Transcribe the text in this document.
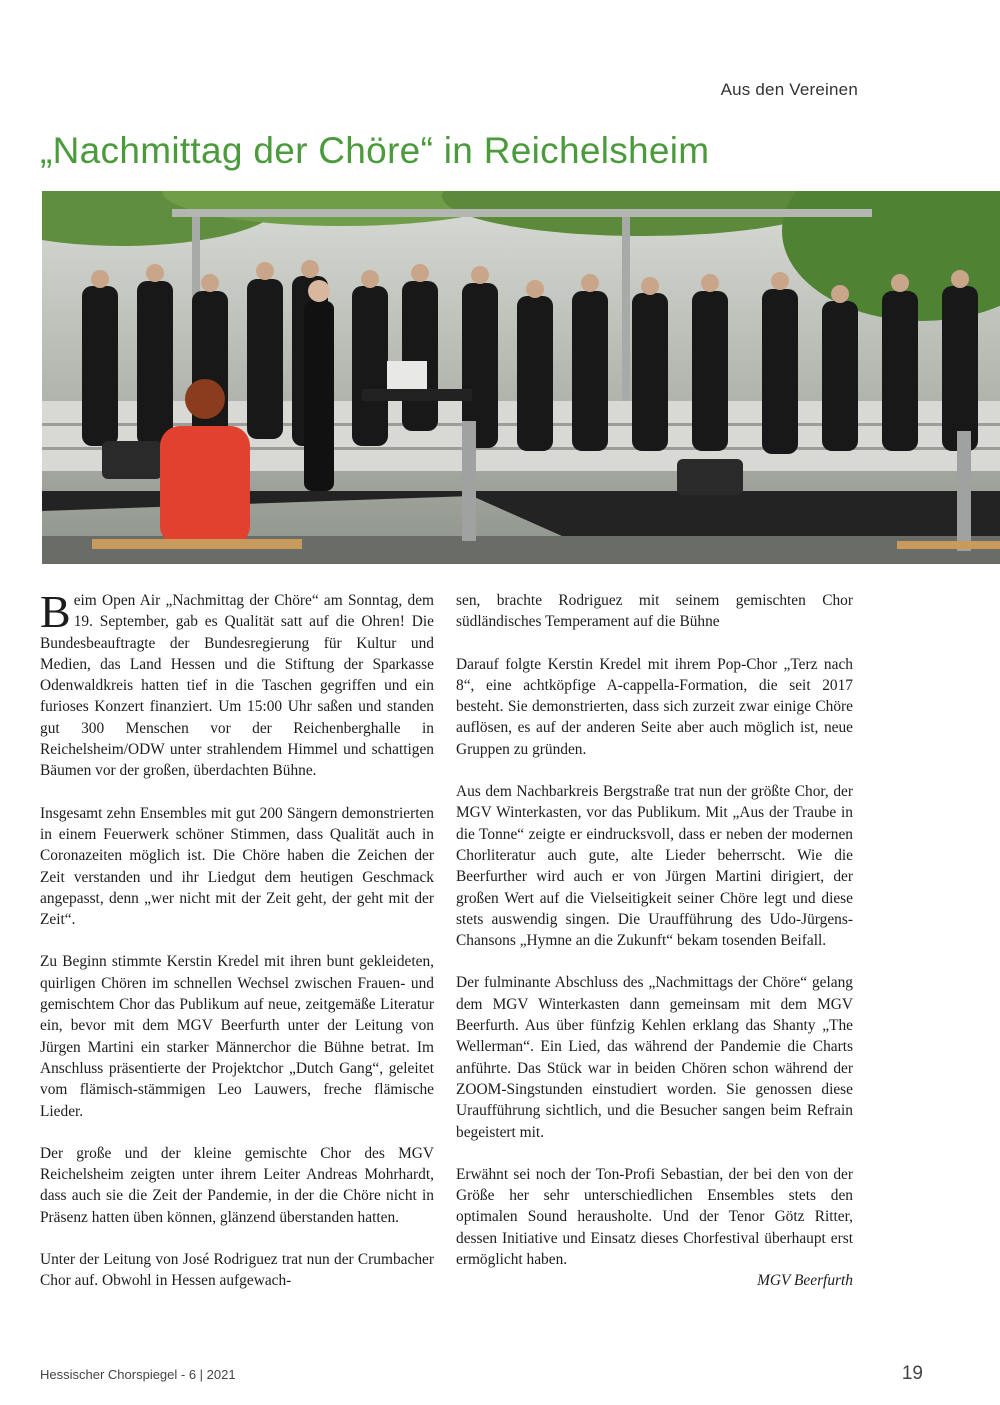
Aus den Vereinen
„Nachmittag der Chöre“ in Reichelsheim

Beim Open Air „Nachmittag der Chöre“ am Sonntag, dem 19. September, gab es Qualität satt auf die Ohren! Die Bundesbeauftragte der Bundesregierung für Kultur und Medien, das Land Hessen und die Stiftung der Sparkasse Odenwaldkreis hatten tief in die Taschen gegriffen und ein furioses Konzert finanziert. Um 15:00 Uhr saßen und standen gut 300 Menschen vor der Reichenberghalle in Reichelsheim/ODW unter strahlendem Himmel und schattigen Bäumen vor der großen, überdachten Bühne.

Insgesamt zehn Ensembles mit gut 200 Sängern demonstrierten in einem Feuerwerk schöner Stimmen, dass Qualität auch in Coronazeiten möglich ist. Die Chöre haben die Zeichen der Zeit verstanden und ihr Liedgut dem heutigen Geschmack angepasst, denn „wer nicht mit der Zeit geht, der geht mit der Zeit“.

Zu Beginn stimmte Kerstin Kredel mit ihren bunt gekleideten, quirligen Chören im schnellen Wechsel zwischen Frauen- und gemischtem Chor das Publikum auf neue, zeitgemäße Literatur ein, bevor mit dem MGV Beerfurth unter der Leitung von Jürgen Martini ein starker Männerchor die Bühne betrat. Im Anschluss präsentierte der Projektchor „Dutch Gang“, geleitet vom flämisch-stämmigen Leo Lauwers, freche flämische Lieder.

Der große und der kleine gemischte Chor des MGV Reichelsheim zeigten unter ihrem Leiter Andreas Mohrhardt, dass auch sie die Zeit der Pandemie, in der die Chöre nicht in Präsenz hatten üben können, glänzend überstanden hatten.

Unter der Leitung von José Rodriguez trat nun der Crumbacher Chor auf. Obwohl in Hessen aufgewach-

sen, brachte Rodriguez mit seinem gemischten Chor südländisches Temperament auf die Bühne

Darauf folgte Kerstin Kredel mit ihrem Pop-Chor „Terz nach 8“, eine achtköpfige A-cappella-Formation, die seit 2017 besteht. Sie demonstrierten, dass sich zurzeit zwar einige Chöre auflösen, es auf der anderen Seite aber auch möglich ist, neue Gruppen zu gründen.

Aus dem Nachbarkreis Bergstraße trat nun der größte Chor, der MGV Winterkasten, vor das Publikum. Mit „Aus der Traube in die Tonne“ zeigte er eindrucksvoll, dass er neben der modernen Chorliteratur auch gute, alte Lieder beherrscht. Wie die Beerfurther wird auch er von Jürgen Martini dirigiert, der großen Wert auf die Vielseitigkeit seiner Chöre legt und diese stets auswendig singen. Die Uraufführung des Udo-Jürgens-Chansons „Hymne an die Zukunft“ bekam tosenden Beifall.

Der fulminante Abschluss des „Nachmittags der Chöre“ gelang dem MGV Winterkasten dann gemeinsam mit dem MGV Beerfurth. Aus über fünfzig Kehlen erklang das Shanty „The Wellerman“. Ein Lied, das während der Pandemie die Charts anführte. Das Stück war in beiden Chören schon während der ZOOM-Singstunden einstudiert worden. Sie genossen diese Uraufführung sichtlich, und die Besucher sangen beim Refrain begeistert mit.

Erwähnt sei noch der Ton-Profi Sebastian, der bei den von der Größe her sehr unterschiedlichen Ensembles stets den optimalen Sound herausholte. Und der Tenor Götz Ritter, dessen Initiative und Einsatz dieses Chorfestival überhaupt erst ermöglicht haben.

MGV Beerfurth

Hessischer Chorspiegel - 6 | 2021	19
